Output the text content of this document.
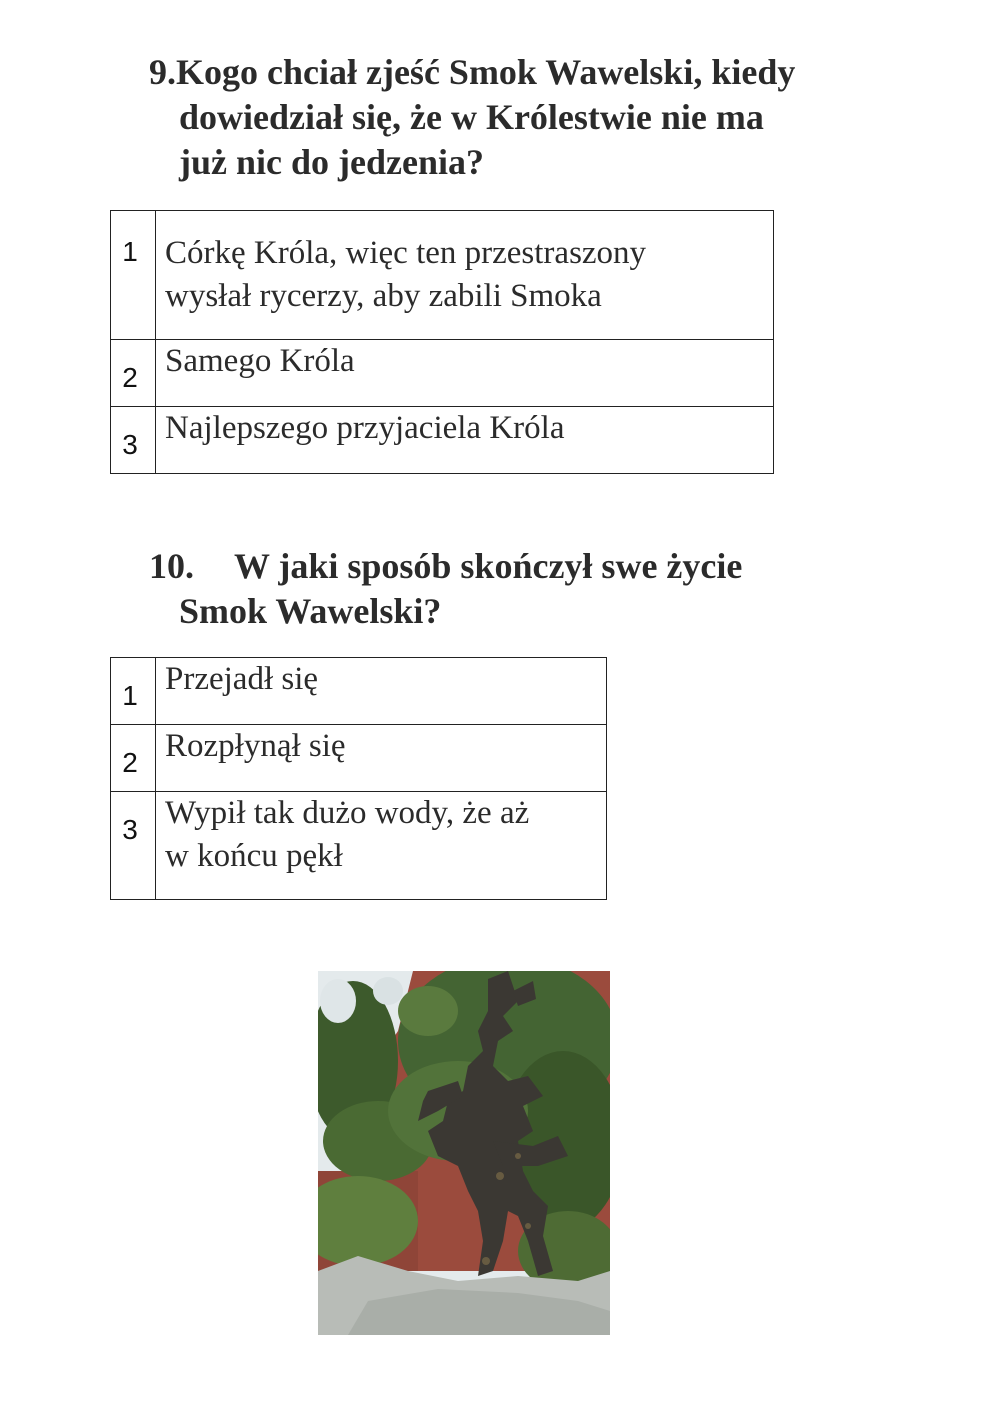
9.Kogo chciał zjeść Smok Wawelski, kiedy
dowiedział się, że w Królestwie nie ma
już nic do jedzenia?
1	Córkę Króla, więc ten przestraszony
wysłał rycerzy, aby zabili Smoka

2	Samego Króla

3	Najlepszego przyjaciela Króla
10. W jaki sposób skończył swe życie
Smok Wawelski?
1	Przejadł się

2	Rozpłynął się

3	Wypił tak dużo wody, że aż
w końcu pękł
